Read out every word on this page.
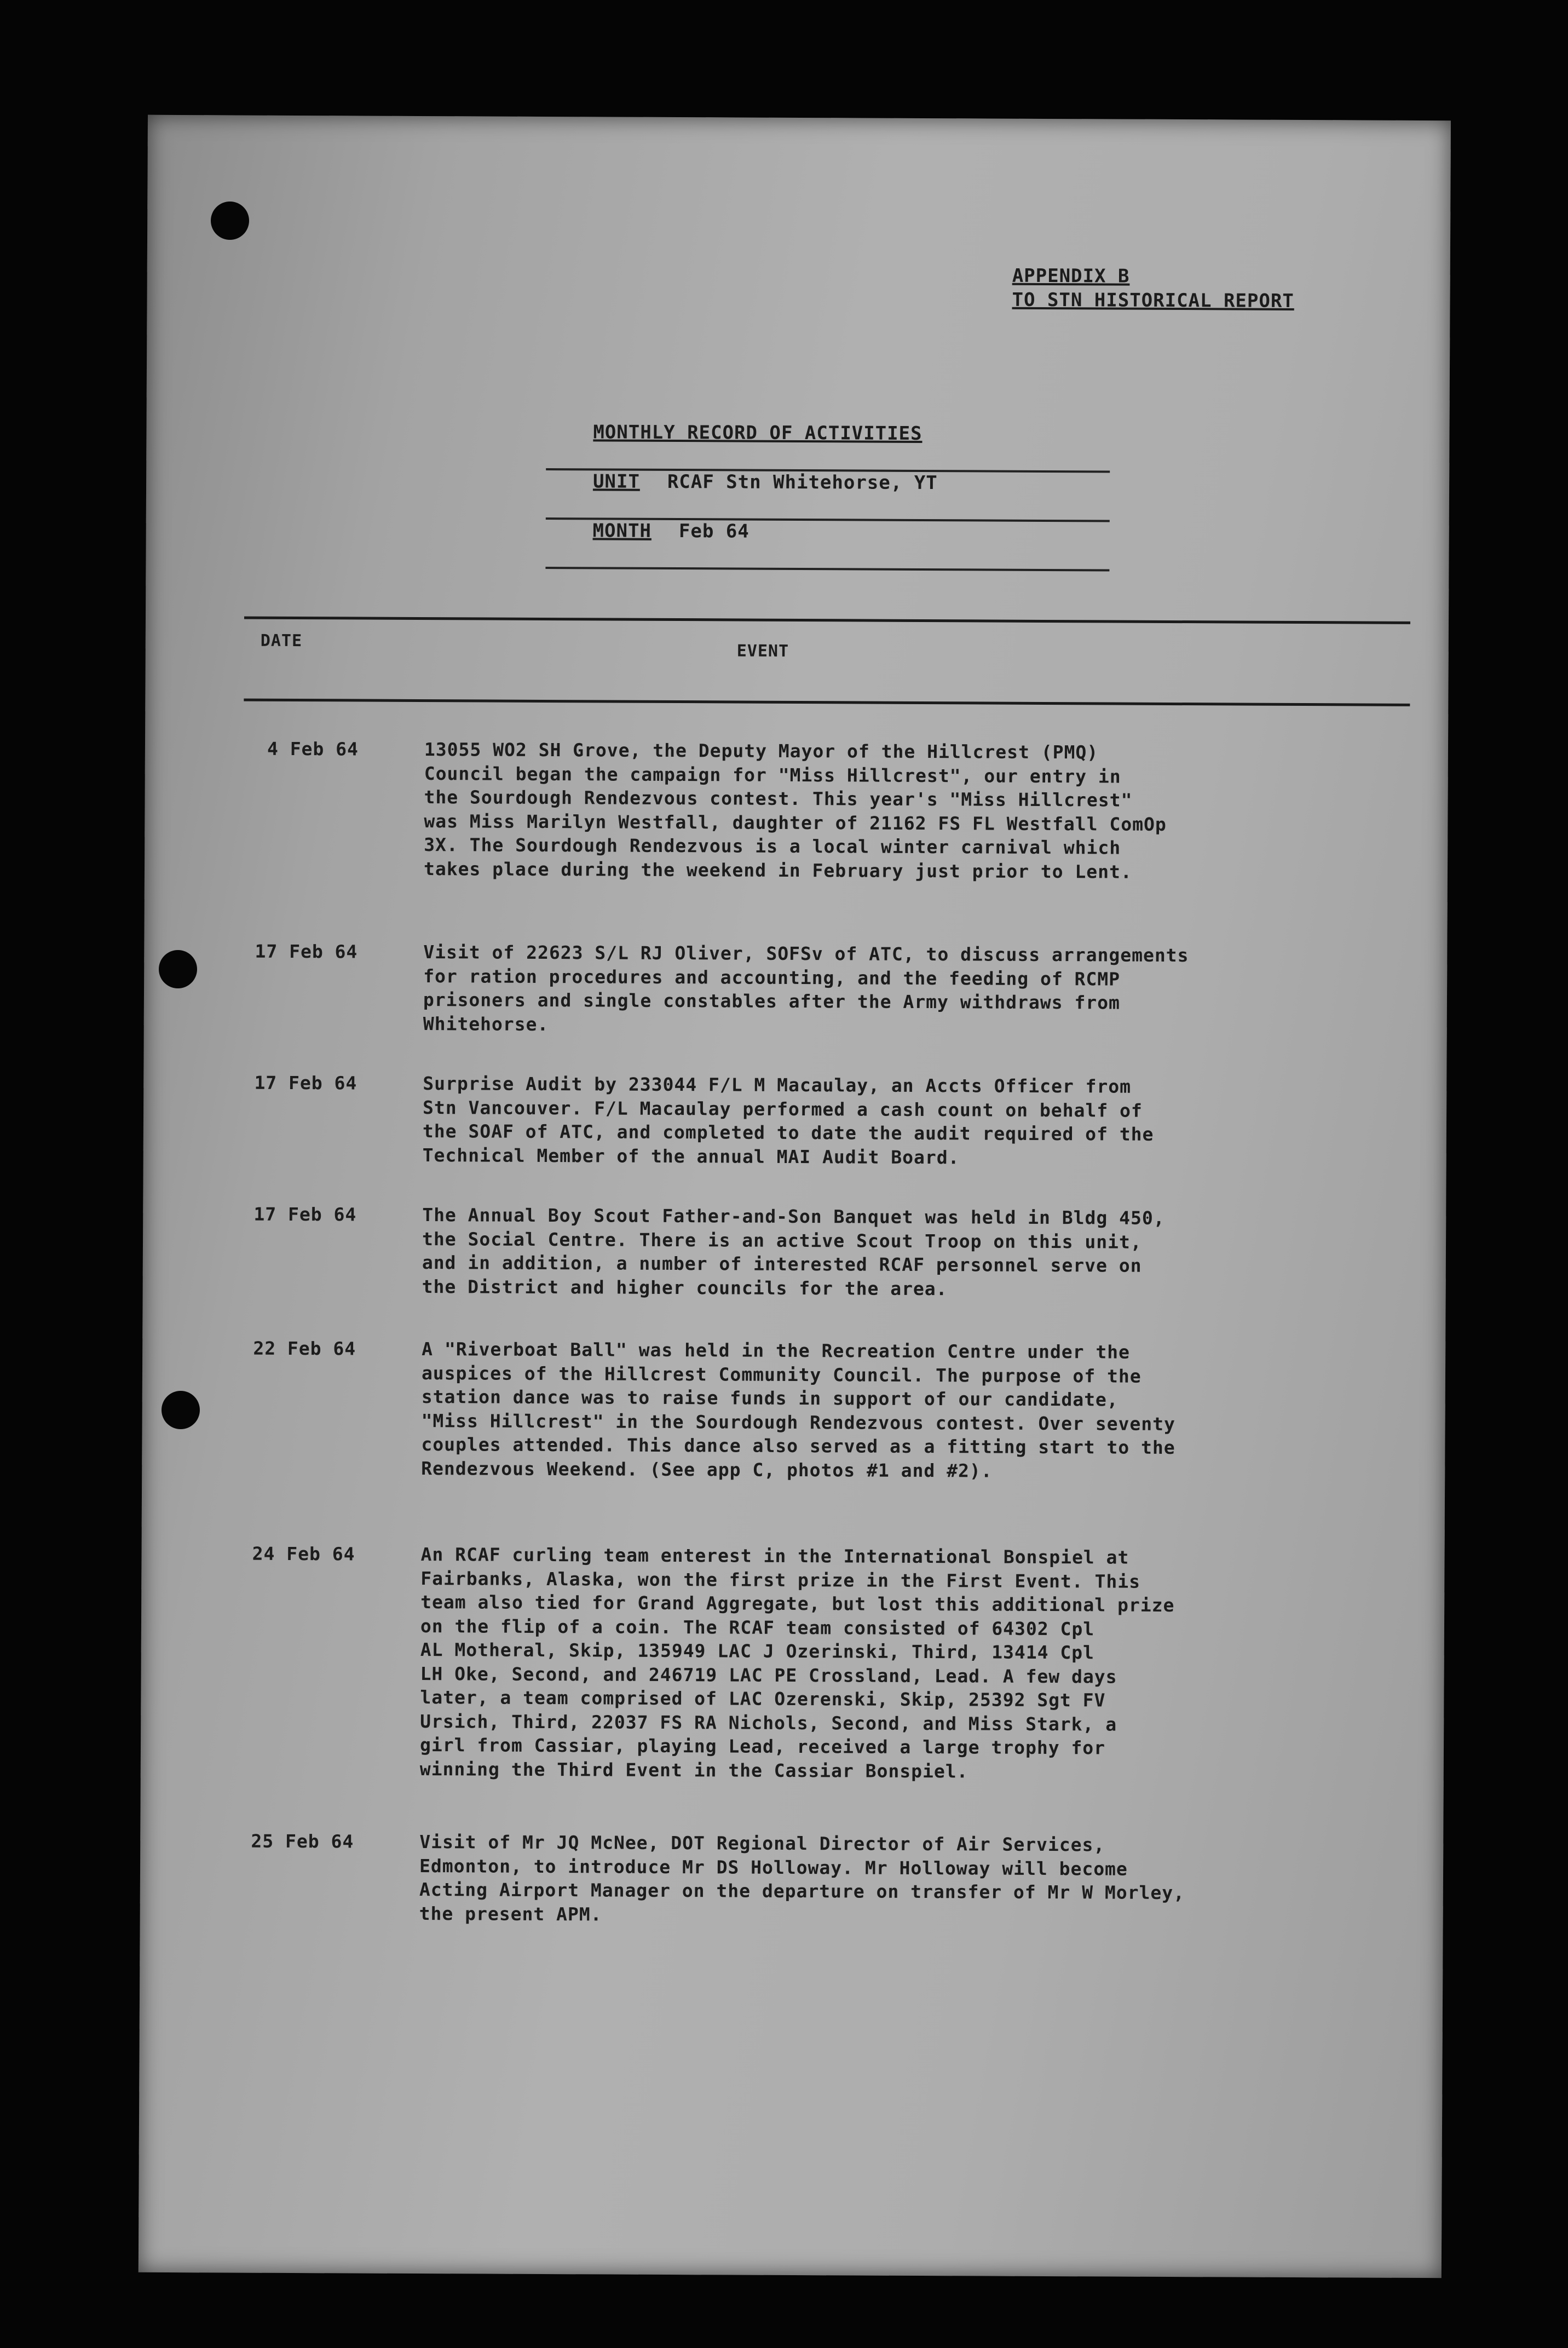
APPENDIX B
TO STN HISTORICAL REPORT

MONTHLY RECORD OF ACTIVITIES

UNIT RCAF Stn Whitehorse, YT

MONTH Feb 64

DATE
EVENT
4 Feb 64	13055 WO2 SH Grove, the Deputy Mayor of the Hillcrest (PMQ)
Council began the campaign for "Miss Hillcrest", our entry in
the Sourdough Rendezvous contest. This year's "Miss Hillcrest"
was Miss Marilyn Westfall, daughter of 21162 FS FL Westfall ComOp
3X. The Sourdough Rendezvous is a local winter carnival which
takes place during the weekend in February just prior to Lent.
17 Feb 64	Visit of 22623 S/L RJ Oliver, SOFSv of ATC, to discuss arrangements
for ration procedures and accounting, and the feeding of RCMP
prisoners and single constables after the Army withdraws from
Whitehorse.
17 Feb 64	Surprise Audit by 233044 F/L M Macaulay, an Accts Officer from
Stn Vancouver. F/L Macaulay performed a cash count on behalf of
the SOAF of ATC, and completed to date the audit required of the
Technical Member of the annual MAI Audit Board.
17 Feb 64	The Annual Boy Scout Father-and-Son Banquet was held in Bldg 450,
the Social Centre. There is an active Scout Troop on this unit,
and in addition, a number of interested RCAF personnel serve on
the District and higher councils for the area.
22 Feb 64	A "Riverboat Ball" was held in the Recreation Centre under the
auspices of the Hillcrest Community Council. The purpose of the
station dance was to raise funds in support of our candidate,
"Miss Hillcrest" in the Sourdough Rendezvous contest. Over seventy
couples attended. This dance also served as a fitting start to the
Rendezvous Weekend. (See app C, photos #1 and #2).
24 Feb 64	An RCAF curling team enterest in the International Bonspiel at
Fairbanks, Alaska, won the first prize in the First Event. This
team also tied for Grand Aggregate, but lost this additional prize
on the flip of a coin. The RCAF team consisted of 64302 Cpl
AL Motheral, Skip, 135949 LAC J Ozerinski, Third, 13414 Cpl
LH Oke, Second, and 246719 LAC PE Crossland, Lead. A few days
later, a team comprised of LAC Ozerenski, Skip, 25392 Sgt FV
Ursich, Third, 22037 FS RA Nichols, Second, and Miss Stark, a
girl from Cassiar, playing Lead, received a large trophy for
winning the Third Event in the Cassiar Bonspiel.
25 Feb 64	Visit of Mr JQ McNee, DOT Regional Director of Air Services,
Edmonton, to introduce Mr DS Holloway. Mr Holloway will become
Acting Airport Manager on the departure on transfer of Mr W Morley,
the present APM.
